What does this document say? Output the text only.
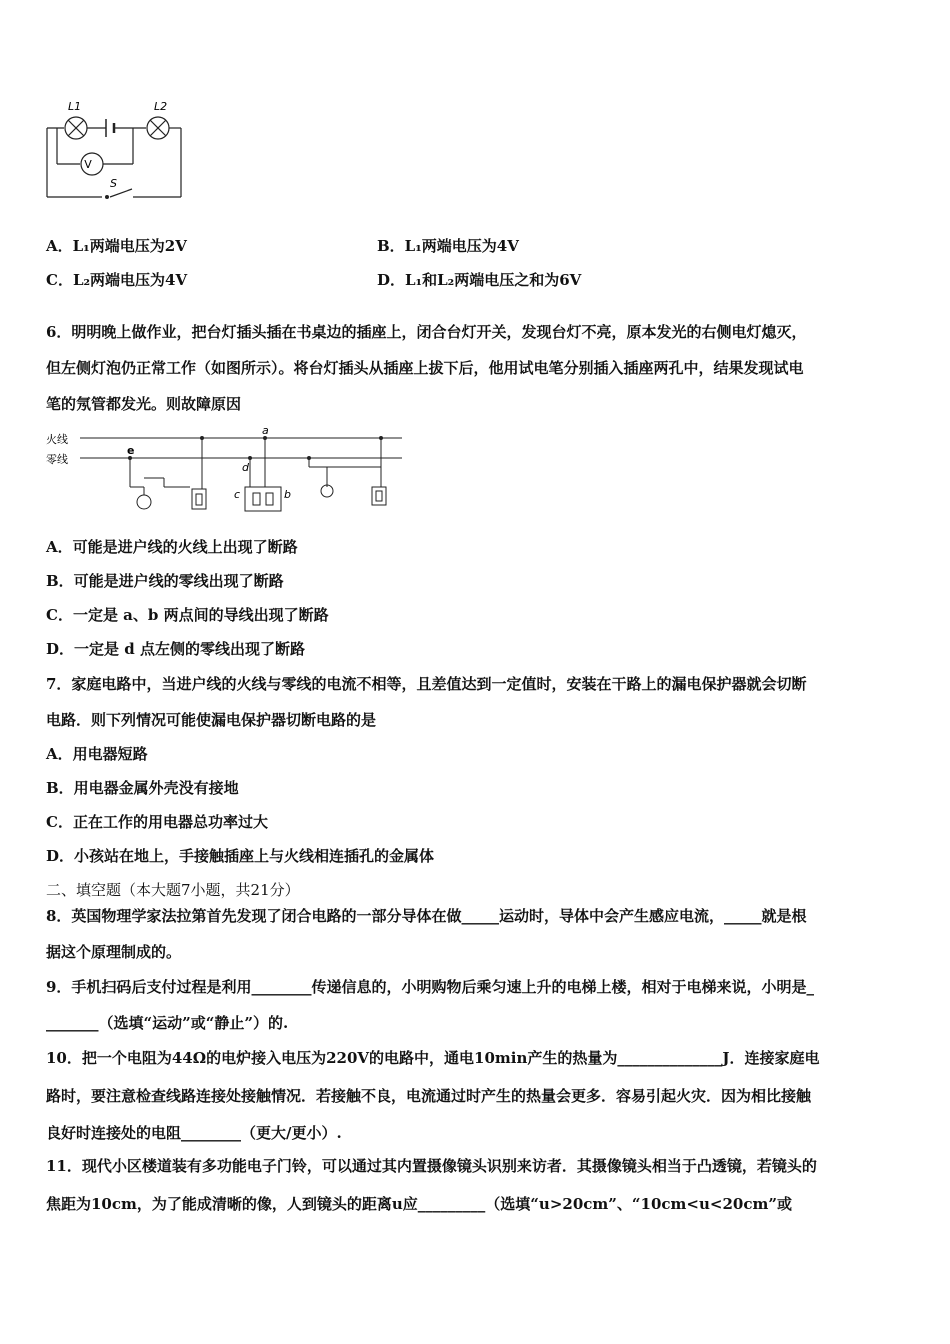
V
L1	L2
S
A．L₁两端电压为2V	B．L₁两端电压为4V
C．L₂两端电压为4V	D．L₁和L₂两端电压之和为6V
6．明明晚上做作业，把台灯插头插在书桌边的插座上，闭合台灯开关，发现台灯不亮，原本发光的右侧电灯熄灭，
但左侧灯泡仍正常工作（如图所示）。将台灯插头从插座上拔下后，他用试电笔分别插入插座两孔中，结果发现试电
笔的氖管都发光。则故障原因
火线
零线
a
b
c
d
e
A．可能是进户线的火线上出现了断路
B．可能是进户线的零线出现了断路
C．一定是 a、b 两点间的导线出现了断路
D．一定是 d 点左侧的零线出现了断路
7．家庭电路中，当进户线的火线与零线的电流不相等，且差值达到一定值时，安装在干路上的漏电保护器就会切断
电路．则下列情况可能使漏电保护器切断电路的是
A．用电器短路
B．用电器金属外壳没有接地
C．正在工作的用电器总功率过大
D．小孩站在地上，手接触插座上与火线相连插孔的金属体
二、填空题（本大题7小题，共21分）
8．英国物理学家法拉第首先发现了闭合电路的一部分导体在做_____运动时，导体中会产生感应电流，_____就是根
据这个原理制成的。
9．手机扫码后支付过程是利用________传递信息的，小明购物后乘匀速上升的电梯上楼，相对于电梯来说，小明是_
_______（选填“运动”或“静止”）的.
10．把一个电阻为44Ω的电炉接入电压为220V的电路中，通电10min产生的热量为______________J．连接家庭电
路时，要注意检查线路连接处接触情况．若接触不良，电流通过时产生的热量会更多．容易引起火灾．因为相比接触
良好时连接处的电阻________（更大/更小）.
11．现代小区楼道装有多功能电子门铃，可以通过其内置摄像镜头识别来访者．其摄像镜头相当于凸透镜，若镜头的
焦距为10cm，为了能成清晰的像，人到镜头的距离u应_________（选填“u>20cm”、“10cm<u<20cm”或
